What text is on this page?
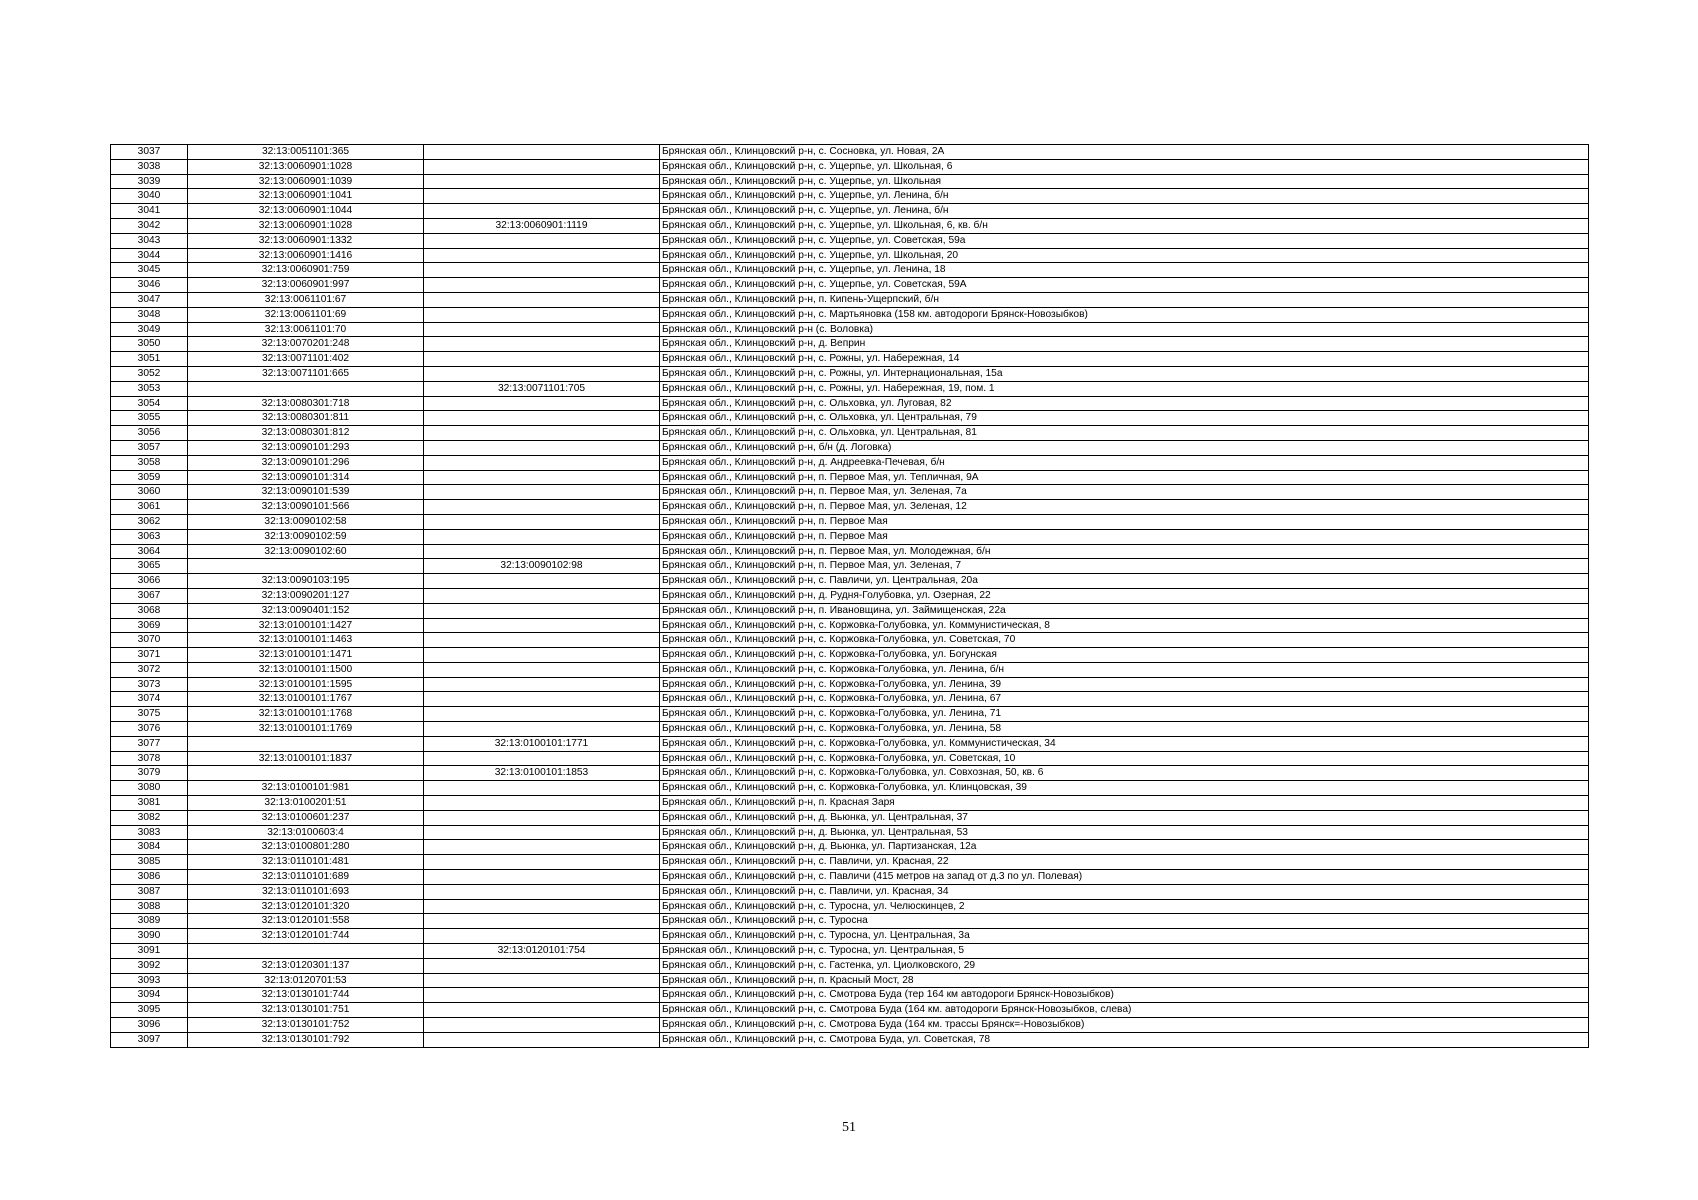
3037	32:13:0051101:365		Брянская обл., Клинцовский р-н, с. Сосновка, ул. Новая, 2А
3038	32:13:0060901:1028		Брянская обл., Клинцовский р-н, с. Ущерпье, ул. Школьная, 6
3039	32:13:0060901:1039		Брянская обл., Клинцовский р-н, с. Ущерпье, ул. Школьная
3040	32:13:0060901:1041		Брянская обл., Клинцовский р-н, с. Ущерпье, ул. Ленина, б/н
3041	32:13:0060901:1044		Брянская обл., Клинцовский р-н, с. Ущерпье, ул. Ленина, б/н
3042	32:13:0060901:1028	32:13:0060901:1119	Брянская обл., Клинцовский р-н, с. Ущерпье, ул. Школьная, 6, кв. б/н
3043	32:13:0060901:1332		Брянская обл., Клинцовский р-н, с. Ущерпье, ул. Советская, 59а
3044	32:13:0060901:1416		Брянская обл., Клинцовский р-н, с. Ущерпье, ул. Школьная, 20
3045	32:13:0060901:759		Брянская обл., Клинцовский р-н, с. Ущерпье, ул. Ленина, 18
3046	32:13:0060901:997		Брянская обл., Клинцовский р-н, с. Ущерпье, ул. Советская, 59А
3047	32:13:0061101:67		Брянская обл., Клинцовский р-н, п. Кипень-Ущерпский, б/н
3048	32:13:0061101:69		Брянская обл., Клинцовский р-н, с. Мартьяновка (158 км. автодороги Брянск-Новозыбков)
3049	32:13:0061101:70		Брянская обл., Клинцовский р-н (с. Воловка)
3050	32:13:0070201:248		Брянская обл., Клинцовский р-н, д. Веприн
3051	32:13:0071101:402		Брянская обл., Клинцовский р-н, с. Рожны, ул. Набережная, 14
3052	32:13:0071101:665		Брянская обл., Клинцовский р-н, с. Рожны, ул. Интернациональная, 15а
3053		32:13:0071101:705	Брянская обл., Клинцовский р-н, с. Рожны, ул. Набережная, 19, пом. 1
3054	32:13:0080301:718		Брянская обл., Клинцовский р-н, с. Ольховка, ул. Луговая, 82
3055	32:13:0080301:811		Брянская обл., Клинцовский р-н, с. Ольховка, ул. Центральная, 79
3056	32:13:0080301:812		Брянская обл., Клинцовский р-н, с. Ольховка, ул. Центральная, 81
3057	32:13:0090101:293		Брянская обл., Клинцовский р-н, б/н (д. Логовка)
3058	32:13:0090101:296		Брянская обл., Клинцовский р-н, д. Андреевка-Печевая, б/н
3059	32:13:0090101:314		Брянская обл., Клинцовский р-н, п. Первое Мая, ул. Тепличная, 9А
3060	32:13:0090101:539		Брянская обл., Клинцовский р-н, п. Первое Мая, ул. Зеленая, 7а
3061	32:13:0090101:566		Брянская обл., Клинцовский р-н, п. Первое Мая, ул. Зеленая, 12
3062	32:13:0090102:58		Брянская обл., Клинцовский р-н, п. Первое Мая
3063	32:13:0090102:59		Брянская обл., Клинцовский р-н, п. Первое Мая
3064	32:13:0090102:60		Брянская обл., Клинцовский р-н, п. Первое Мая, ул. Молодежная, б/н
3065		32:13:0090102:98	Брянская обл., Клинцовский р-н, п. Первое Мая, ул. Зеленая, 7
3066	32:13:0090103:195		Брянская обл., Клинцовский р-н, с. Павличи, ул. Центральная, 20а
3067	32:13:0090201:127		Брянская обл., Клинцовский р-н, д. Рудня-Голубовка, ул. Озерная, 22
3068	32:13:0090401:152		Брянская обл., Клинцовский р-н, п. Ивановщина, ул. Займищенская, 22а
3069	32:13:0100101:1427		Брянская обл., Клинцовский р-н, с. Коржовка-Голубовка, ул. Коммунистическая, 8
3070	32:13:0100101:1463		Брянская обл., Клинцовский р-н, с. Коржовка-Голубовка, ул. Советская, 70
3071	32:13:0100101:1471		Брянская обл., Клинцовский р-н, с. Коржовка-Голубовка, ул. Богунская
3072	32:13:0100101:1500		Брянская обл., Клинцовский р-н, с. Коржовка-Голубовка, ул. Ленина, б/н
3073	32:13:0100101:1595		Брянская обл., Клинцовский р-н, с. Коржовка-Голубовка, ул. Ленина, 39
3074	32:13:0100101:1767		Брянская обл., Клинцовский р-н, с. Коржовка-Голубовка, ул. Ленина, 67
3075	32:13:0100101:1768		Брянская обл., Клинцовский р-н, с. Коржовка-Голубовка, ул. Ленина, 71
3076	32:13:0100101:1769		Брянская обл., Клинцовский р-н, с. Коржовка-Голубовка, ул. Ленина, 58
3077		32:13:0100101:1771	Брянская обл., Клинцовский р-н, с. Коржовка-Голубовка, ул. Коммунистическая, 34
3078	32:13:0100101:1837		Брянская обл., Клинцовский р-н, с. Коржовка-Голубовка, ул. Советская, 10
3079		32:13:0100101:1853	Брянская обл., Клинцовский р-н, с. Коржовка-Голубовка, ул. Совхозная, 50, кв. 6
3080	32:13:0100101:981		Брянская обл., Клинцовский р-н, с. Коржовка-Голубовка, ул. Клинцовская, 39
3081	32:13:0100201:51		Брянская обл., Клинцовский р-н, п. Красная Заря
3082	32:13:0100601:237		Брянская обл., Клинцовский р-н, д. Вьюнка, ул. Центральная, 37
3083	32:13:0100603:4		Брянская обл., Клинцовский р-н, д. Вьюнка, ул. Центральная, 53
3084	32:13:0100801:280		Брянская обл., Клинцовский р-н, д. Вьюнка, ул. Партизанская, 12а
3085	32:13:0110101:481		Брянская обл., Клинцовский р-н, с. Павличи, ул. Красная, 22
3086	32:13:0110101:689		Брянская обл., Клинцовский р-н, с. Павличи (415 метров на запад от д.3 по ул. Полевая)
3087	32:13:0110101:693		Брянская обл., Клинцовский р-н, с. Павличи, ул. Красная, 34
3088	32:13:0120101:320		Брянская обл., Клинцовский р-н, с. Туросна, ул. Челюскинцев, 2
3089	32:13:0120101:558		Брянская обл., Клинцовский р-н, с. Туросна
3090	32:13:0120101:744		Брянская обл., Клинцовский р-н, с. Туросна, ул. Центральная, 3а
3091		32:13:0120101:754	Брянская обл., Клинцовский р-н, с. Туросна, ул. Центральная, 5
3092	32:13:0120301:137		Брянская обл., Клинцовский р-н, с. Гастенка, ул. Циолковского, 29
3093	32:13:0120701:53		Брянская обл., Клинцовский р-н, п. Красный Мост, 28
3094	32:13:0130101:744		Брянская обл., Клинцовский р-н, с. Смотрова Буда (тер 164 км автодороги Брянск-Новозыбков)
3095	32:13:0130101:751		Брянская обл., Клинцовский р-н, с. Смотрова Буда (164 км. автодороги Брянск-Новозыбков, слева)
3096	32:13:0130101:752		Брянская обл., Клинцовский р-н, с. Смотрова Буда (164 км. трассы Брянск=-Новозыбков)
3097	32:13:0130101:792		Брянская обл., Клинцовский р-н, с. Смотрова Буда, ул. Советская, 78
51
